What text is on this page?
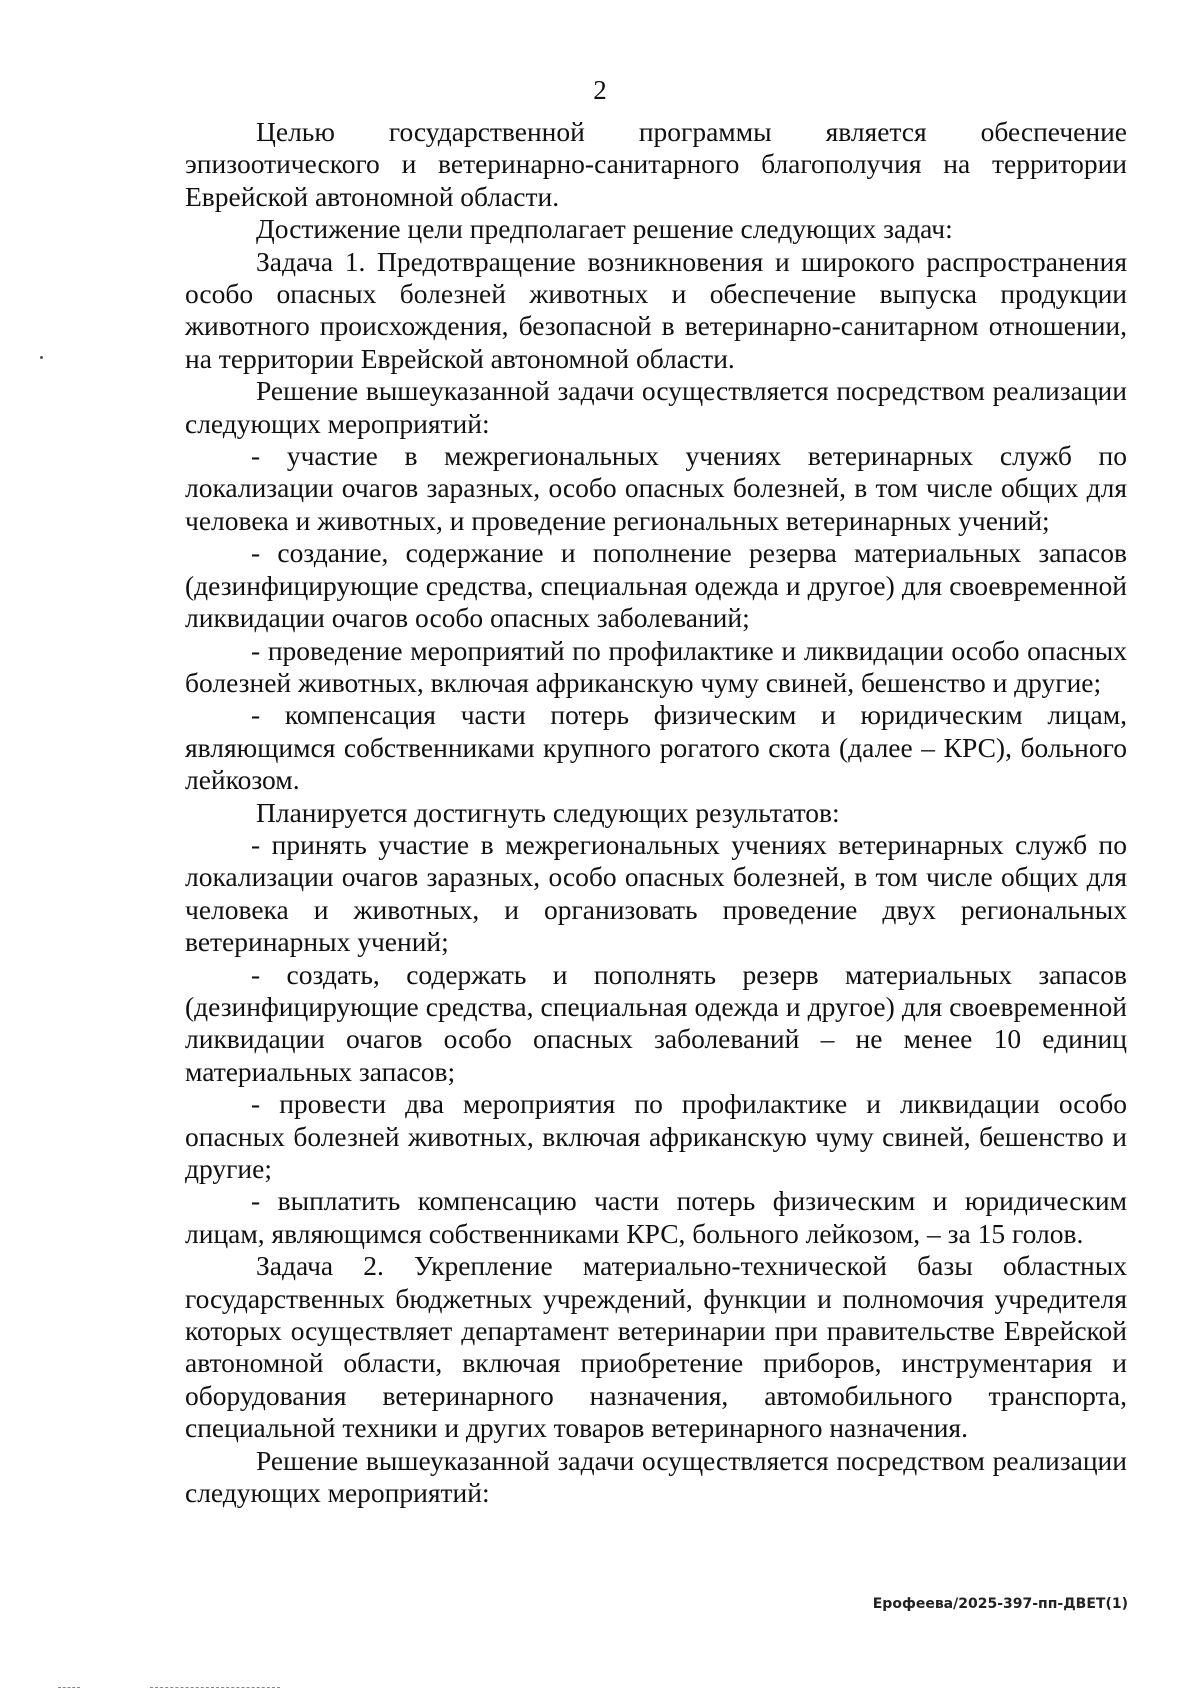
2

Целью государственной программы является обеспечение эпизоотического и ветеринарно-санитарного благополучия на территории Еврейской автономной области.

Достижение цели предполагает решение следующих задач:

Задача 1. Предотвращение возникновения и широкого распространения особо опасных болезней животных и обеспечение выпуска продукции животного происхождения, безопасной в ветеринарно-санитарном отношении, на территории Еврейской автономной области.

Решение вышеуказанной задачи осуществляется посредством реализации следующих мероприятий:

- участие в межрегиональных учениях ветеринарных служб по локализации очагов заразных, особо опасных болезней, в том числе общих для человека и животных, и проведение региональных ветеринарных учений;

- создание, содержание и пополнение резерва материальных запасов (дезинфицирующие средства, специальная одежда и другое) для своевременной ликвидации очагов особо опасных заболеваний;

- проведение мероприятий по профилактике и ликвидации особо опасных болезней животных, включая африканскую чуму свиней, бешенство и другие;

- компенсация части потерь физическим и юридическим лицам, являющимся собственниками крупного рогатого скота (далее – КРС), больного лейкозом.

Планируется достигнуть следующих результатов:

- принять участие в межрегиональных учениях ветеринарных служб по локализации очагов заразных, особо опасных болезней, в том числе общих для человека и животных, и организовать проведение двух региональных ветеринарных учений;

- создать, содержать и пополнять резерв материальных запасов (дезинфицирующие средства, специальная одежда и другое) для своевременной ликвидации очагов особо опасных заболеваний – не менее 10 единиц материальных запасов;

- провести два мероприятия по профилактике и ликвидации особо опасных болезней животных, включая африканскую чуму свиней, бешенство и другие;

- выплатить компенсацию части потерь физическим и юридическим лицам, являющимся собственниками КРС, больного лейкозом, – за 15 голов.

Задача 2. Укрепление материально-технической базы областных государственных бюджетных учреждений, функции и полномочия учредителя которых осуществляет департамент ветеринарии при правительстве Еврейской автономной области, включая приобретение приборов, инструментария и оборудования ветеринарного назначения, автомобильного транспорта, специальной техники и других товаров ветеринарного назначения.

Решение вышеуказанной задачи осуществляется посредством реализации следующих мероприятий:

Ерофеева/2025-397-пп-ДВЕТ(1)
